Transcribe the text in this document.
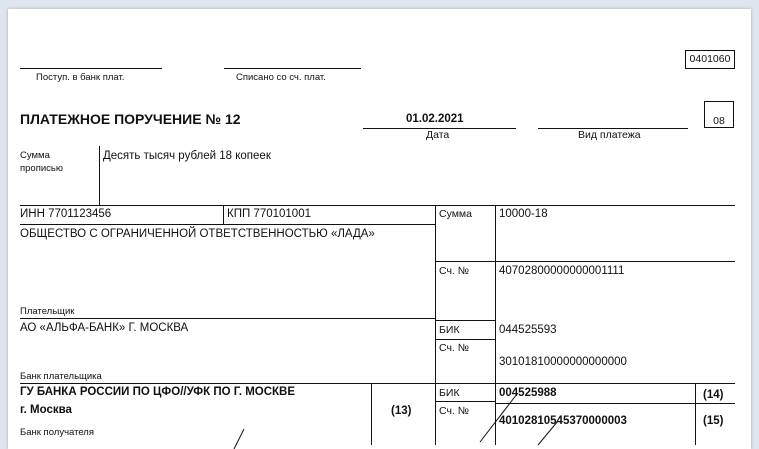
0401060
Поступ. в банк плат.	Списано со сч. плат.
ПЛАТЕЖНОЕ ПОРУЧЕНИЕ № 12	01.02.2021
Дата	Вид платежа
08
Сумма
прописью
Десять тысяч рублей 18 копеек
ИНН 7701123456	КПП 770101001
ОБЩЕСТВО С ОГРАНИЧЕННОЙ ОТВЕТСТВЕННОСТЬЮ «ЛАДА»
Плательщик
Сумма 10000-18
Сч. №	40702800000000001111
АО «АЛЬФА-БАНК» Г. МОСКВА
Банк плательщика
БИК	044525593
Сч. №
30101810000000000000
ГУ БАНКА РОССИИ ПО ЦФО//УФК ПО Г. МОСКВЕ
г. Москва
Банк получателя
(13)
БИК	004525988	(14)
Сч. №
40102810545370000003	(15)
